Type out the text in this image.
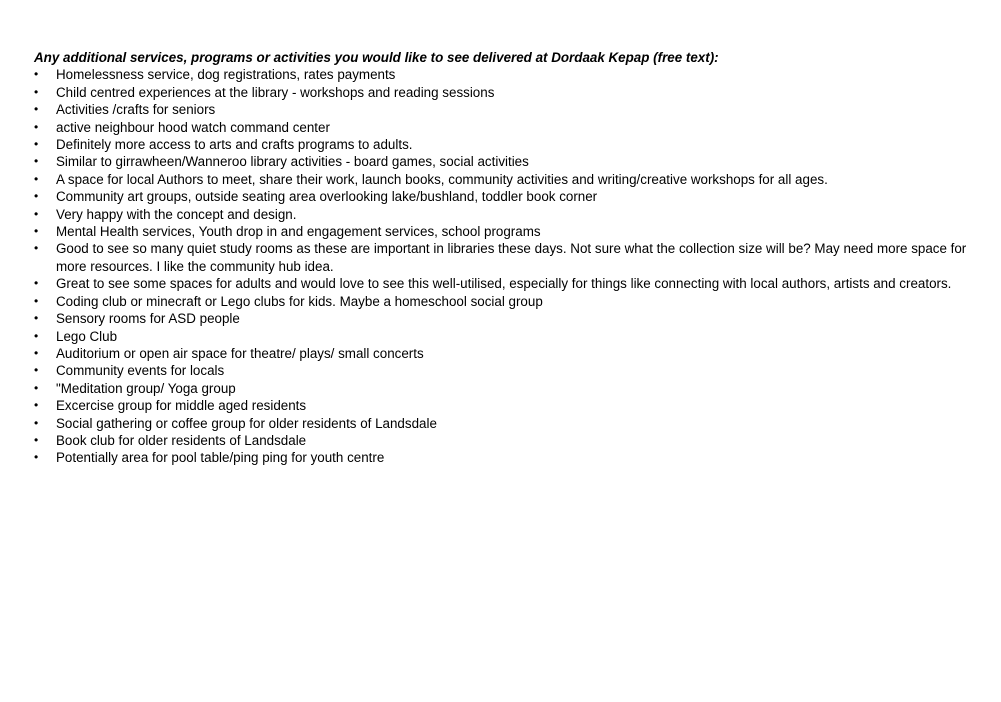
Any additional services, programs or activities you would like to see delivered at Dordaak Kepap (free text):

•	Homelessness service, dog registrations, rates payments
•	Child centred experiences at the library - workshops and reading sessions
•	Activities /crafts for seniors
•	active neighbour hood watch command center
•	Definitely more access to arts and crafts programs to adults.
•	Similar to girrawheen/Wanneroo library activities - board games, social activities
•	A space for local Authors to meet, share their work, launch books, community activities and writing/creative workshops for all ages.
•	Community art groups, outside seating area overlooking lake/bushland, toddler book corner
•	Very happy with the concept and design.
•	Mental Health services, Youth drop in and engagement services, school programs
•	Good to see so many quiet study rooms as these are important in libraries these days. Not sure what the collection size will be? May need more space for more resources. I like the community hub idea.
•	Great to see some spaces for adults and would love to see this well-utilised, especially for things like connecting with local authors, artists and creators.
•	Coding club or minecraft or Lego clubs for kids. Maybe a homeschool social group
•	Sensory rooms for ASD people
•	Lego Club
•	Auditorium or open air space for theatre/ plays/ small concerts
•	Community events for locals
•	"Meditation group/ Yoga group
•	Excercise group for middle aged residents
•	Social gathering or coffee group for older residents of Landsdale
•	Book club for older residents of Landsdale
•	Potentially area for pool table/ping ping for youth centre
